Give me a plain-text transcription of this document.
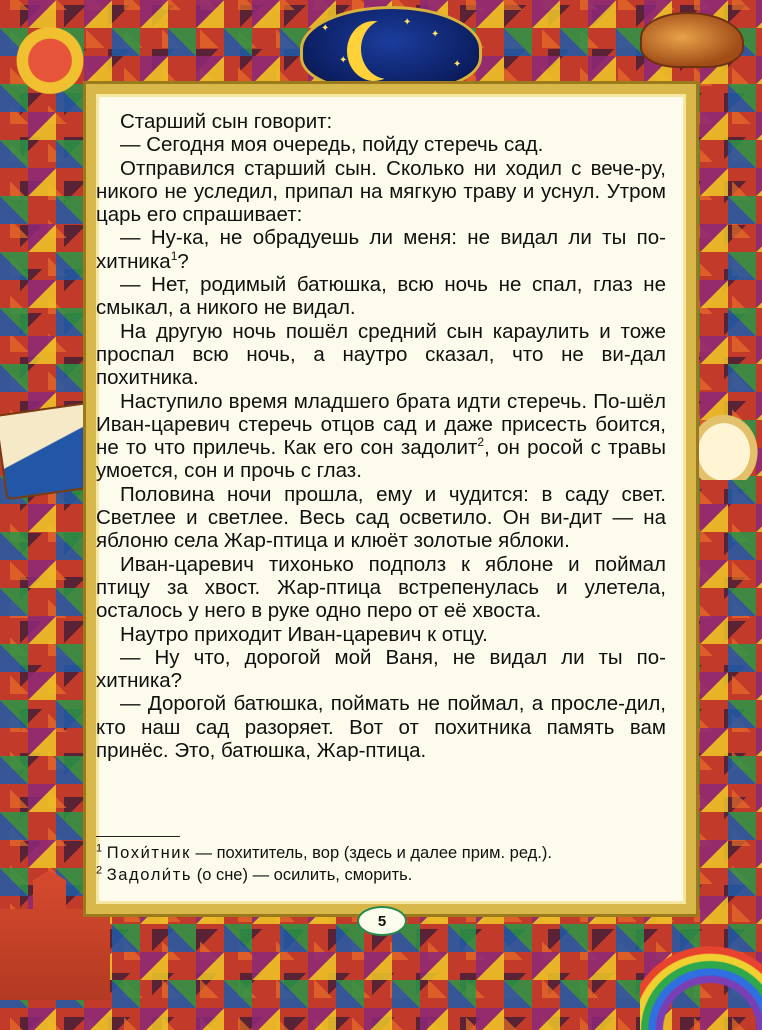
✦
✦
✦
✦
✦

Старший сын говорит:

— Сегодня моя очередь, пойду стеречь сад.

Отправился старший сын. Сколько ни ходил с вече-ру, никого не уследил, припал на мягкую траву и уснул. Утром царь его спрашивает:

— Ну-ка, не обрадуешь ли меня: не видал ли ты по-хитника$^1$?

— Нет, родимый батюшка, всю ночь не спал, глаз не смыкал, а никого не видал.

На другую ночь пошёл средний сын караулить и тоже проспал всю ночь, а наутро сказал, что не ви-дал похитника.

Наступило время младшего брата идти стеречь. По-шёл Иван-царевич стеречь отцов сад и даже присесть боится, не то что прилечь. Как его сон задолит$^2$, он росой с травы умоется, сон и прочь с глаз.

Половина ночи прошла, ему и чудится: в саду свет. Светлее и светлее. Весь сад осветило. Он ви-дит — на яблоню села Жар-птица и клюёт золотые яблоки.

Иван-царевич тихонько подполз к яблоне и поймал птицу за хвост. Жар-птица встрепенулась и улетела, осталось у него в руке одно перо от её хвоста.

Наутро приходит Иван-царевич к отцу.

— Ну что, дорогой мой Ваня, не видал ли ты по-хитника?

— Дорогой батюшка, поймать не поймал, а просле-дил, кто наш сад разоряет. Вот от похитника память вам принёс. Это, батюшка, Жар-птица.

$^1$ Похи́тник — похититель, вор (здесь и далее прим. ред.).

$^2$ Задоли́ть (о сне) — осилить, сморить.

5
